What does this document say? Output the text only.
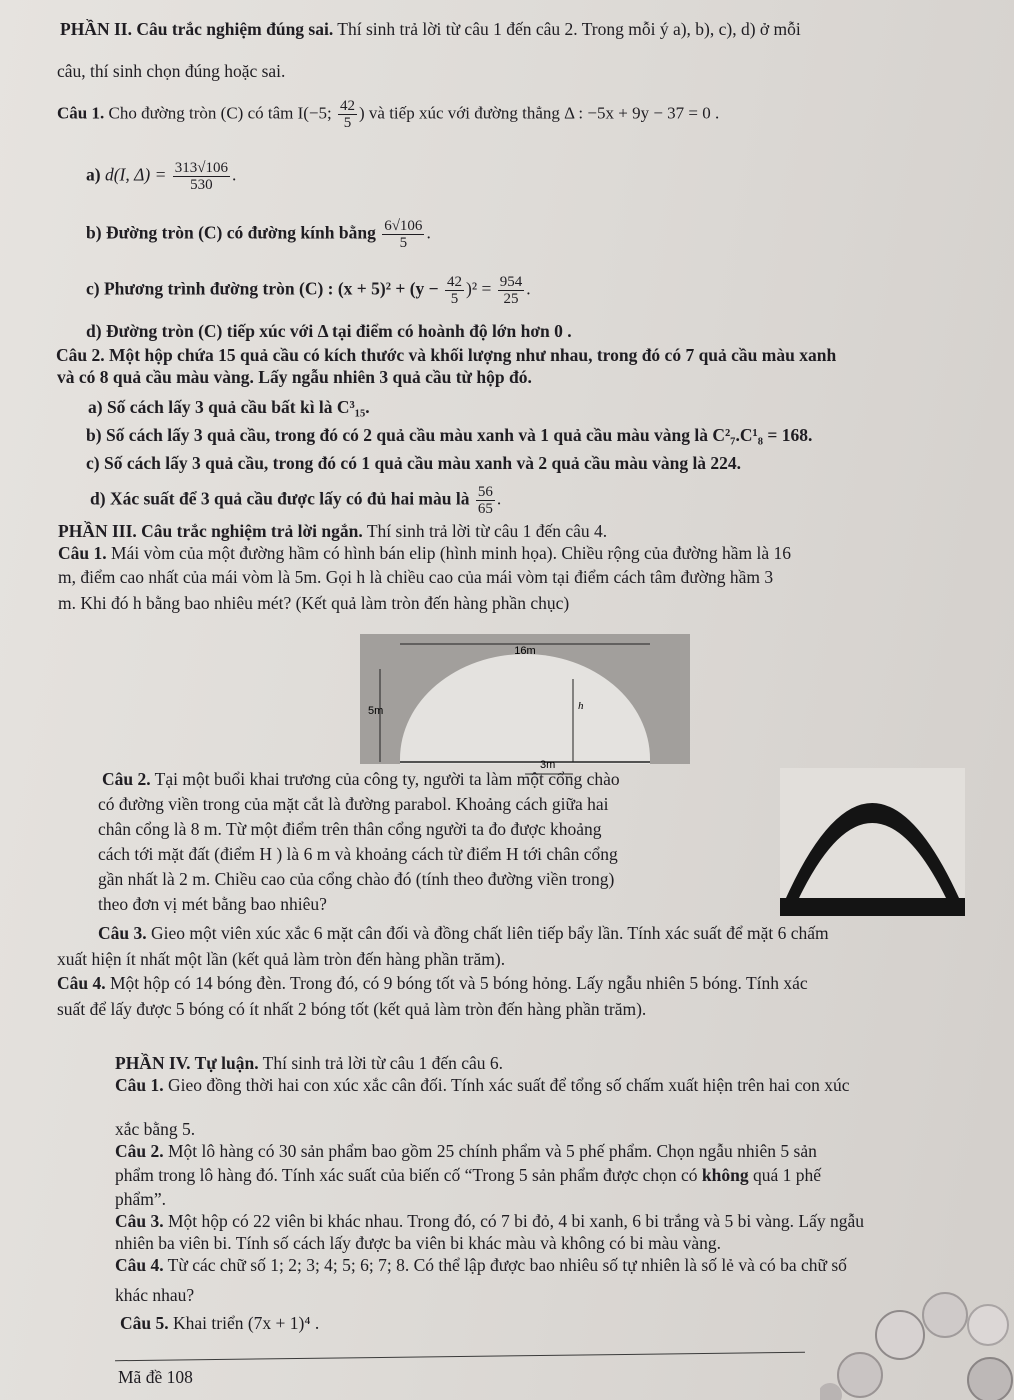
PHẦN II. Câu trắc nghiệm đúng sai. Thí sinh trả lời từ câu 1 đến câu 2. Trong mỗi ý a), b), c), d) ở mỗi
câu, thí sinh chọn đúng hoặc sai.
Câu 1. Cho đường tròn (C) có tâm I(−5; $\frac{42}{5}$ ) và tiếp xúc với đường thẳng Δ : −5x + 9y − 37 = 0 .
a) d(I, $\Delta) = \frac{313√106}{530}$ .
b) Đường tròn (C) có đường kính bằng $\frac{6√106}{5}$ .
c) Phương trình đường tròn (C) : $(x + 5)^2 + (y - \frac{42}{5} )^2 = \frac{954}{25}$ .
d) Đường tròn (C) tiếp xúc với Δ tại điểm có hoành độ lớn hơn 0 .
Câu 2. Một hộp chứa 15 quả cầu có kích thước và khối lượng như nhau, trong đó có 7 quả cầu màu xanh
và có 8 quả cầu màu vàng. Lấy ngẫu nhiên 3 quả cầu từ hộp đó.
a) Số cách lấy 3 quả cầu bất kì là C³₁₅.
b) Số cách lấy 3 quả cầu, trong đó có 2 quả cầu màu xanh và 1 quả cầu màu vàng là C²₇.C¹₈ = 168.
c) Số cách lấy 3 quả cầu, trong đó có 1 quả cầu màu xanh và 2 quả cầu màu vàng là 224.
d) Xác suất để 3 quả cầu được lấy có đủ hai màu là $\frac{56}{65}$ .
PHẦN III. Câu trắc nghiệm trả lời ngắn. Thí sinh trả lời từ câu 1 đến câu 4.
Câu 1. Mái vòm của một đường hầm có hình bán elip (hình minh họa). Chiều rộng của đường hầm là 16
m, điểm cao nhất của mái vòm là 5m. Gọi h là chiều cao của mái vòm tại điểm cách tâm đường hầm 3
m. Khi đó h bằng bao nhiêu mét? (Kết quả làm tròn đến hàng phần chục)
16m
5m	h
3m
Câu 2. Tại một buổi khai trương của công ty, người ta làm một cổng chào
có đường viền trong của mặt cắt là đường parabol. Khoảng cách giữa hai
chân cổng là 8 m. Từ một điểm trên thân cổng người ta đo được khoảng
cách tới mặt đất (điểm H ) là 6 m và khoảng cách từ điểm H tới chân cổng
gần nhất là 2 m. Chiều cao của cổng chào đó (tính theo đường viền trong)
theo đơn vị mét bằng bao nhiêu?
Câu 3. Gieo một viên xúc xắc 6 mặt cân đối và đồng chất liên tiếp bẩy lần. Tính xác suất để mặt 6 chấm
xuất hiện ít nhất một lần (kết quả làm tròn đến hàng phần trăm).
Câu 4. Một hộp có 14 bóng đèn. Trong đó, có 9 bóng tốt và 5 bóng hỏng. Lấy ngẫu nhiên 5 bóng. Tính xác
suất để lấy được 5 bóng có ít nhất 2 bóng tốt (kết quả làm tròn đến hàng phần trăm).
PHẦN IV. Tự luận. Thí sinh trả lời từ câu 1 đến câu 6.
Câu 1. Gieo đồng thời hai con xúc xắc cân đối. Tính xác suất để tổng số chấm xuất hiện trên hai con xúc
xắc bằng 5.
Câu 2. Một lô hàng có 30 sản phẩm bao gồm 25 chính phẩm và 5 phế phẩm. Chọn ngẫu nhiên 5 sản
phẩm trong lô hàng đó. Tính xác suất của biến cố “Trong 5 sản phẩm được chọn có không quá 1 phế
phẩm”.
Câu 3. Một hộp có 22 viên bi khác nhau. Trong đó, có 7 bi đỏ, 4 bi xanh, 6 bi trắng và 5 bi vàng. Lấy ngẫu
nhiên ba viên bi. Tính số cách lấy được ba viên bi khác màu và không có bi màu vàng.
Câu 4. Từ các chữ số 1; 2; 3; 4; 5; 6; 7; 8. Có thể lập được bao nhiêu số tự nhiên là số lẻ và có ba chữ số
khác nhau?
Câu 5. Khai triển (7x + 1)⁴ .
Mã đề 108
